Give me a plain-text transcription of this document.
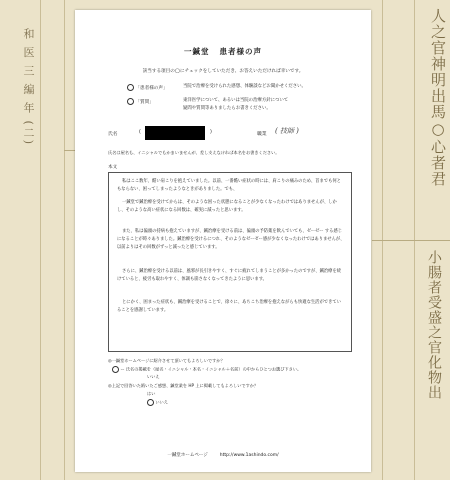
和 医 三 編 年 (二)	人之官神明出馬○心者君
小腸者受盛之官化物出
一鍼堂 患者様の声
該当する項目の◯にチェックをしていただき、お答えいただければ幸いです。
「患者様の声」	当院で治療を受けられた感想、体験談などお聞かせください。
「質問」	東洋医学について、あるいは当院の治療方針について
疑問や質問等ありましたらお書きください。
氏名	(	)	職業 ( 技師 )
氏名は屋名も、イニシャルでもかまいませんが、差し支えなければ本名をお書きください。
本文
私はここ数年、酷い肩こりを抱えていました。以前、一番酷い症状の時には、肩こりの痛みのため、首までも何ともならない、困ってしまったようなときがありました。でも、
一鍼堂で鍼治療を受けてからは、そのような困った状態になることが少なくなったわけではありませんが、しかし、そのような高い症状になる回数は、確実に減ったと思います。
また、私は偏頭の持病も抱えていますが、鍼治療を受ける前は、偏頭の予防薬を飲んでいても、ゼーゼー する感じになることが時々ありました。鍼治療を受けるにつれ、そのようなゼーゼー感が少なくなったわけではありませんが、以前よりはその回数がずっと減ったと感じています。
さらに、鍼治療を受ける以前は、風邪が長引きやすく、すぐに疲れてしまうことが多かったのですが、鍼治療を続けていると、疲労も取れやすく、体調も崩さなくなってきたように思います。
とにかく、困まった症状も、鍼治療を受けることで、徐々に、あちこち治療を抱えながらも快適な生活ができていることを感謝しています。
◎一鍼堂ホームページに紹介させて頂いてもよろしいですか？
ー 氏名の掲載を（屋名・イニシャル・本名・イニシャル＋名前）の中からひとつお選び下さい。
いいえ
◎上記で回答いた紙いたご感想、鍼堂業を HP 上に掲載してもよろしいですか？
はい
いいえ
一鍼堂ホームページ	http://www.1ashindo.com/
